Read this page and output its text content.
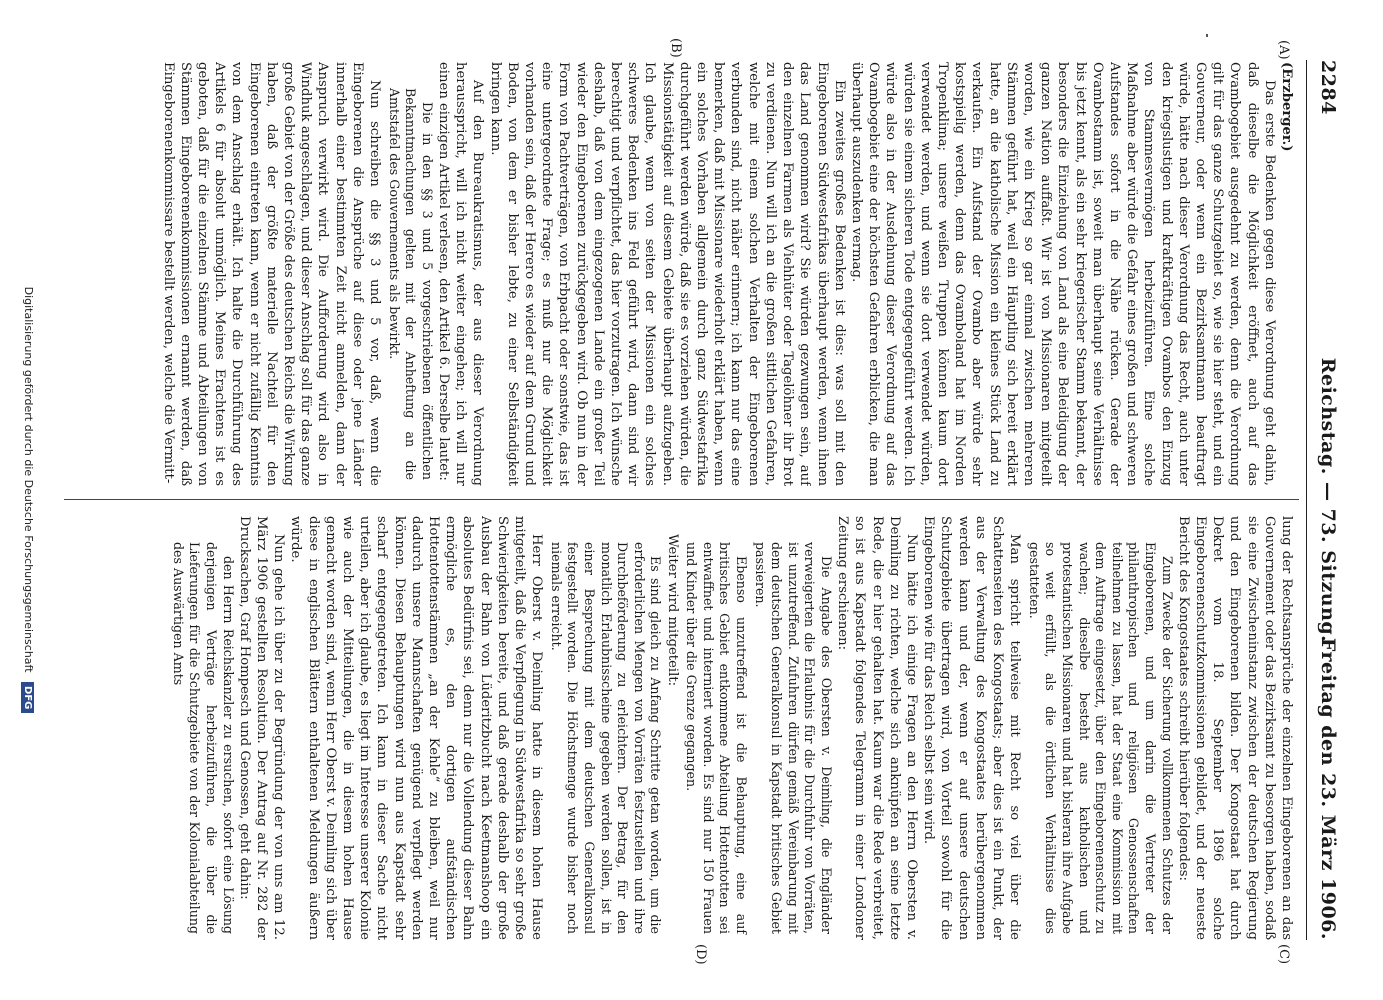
2284
Reichstag. — 73. Sitzung.
Freitag den 23. März 1906.
(A)
(B)
(C)
(D)

(Erzberger.)

Das erste Bedenken gegen diese Verordnung geht dahin, daß dieselbe die Möglichkeit eröffnet, auch auf das Ovambogebiet ausgedehnt zu werden, denn die Verordnung gilt für das ganze Schutzgebiet so, wie sie hier steht, und ein Gouverneur, oder wenn ein Bezirksamtmann beauftragt würde, hätte nach dieser Verordnung das Recht, auch unter den kriegslustigen und kraftkräftigen Ovambos den Einzug von Stammesvermögen herbeizuführen. Eine solche Maßnahme aber würde die Gefahr eines großen und schweren Aufstandes sofort in die Nähe rücken. Gerade der Ovambostamm ist, soweit man überhaupt seine Verhältnisse bis jetzt kennt, als ein sehr kriegerischer Stamm bekannt, der besonders die Einziehung von Land als eine Beleidigung der ganzen Nation auffaßt. Wir ist von Missionaren mitgeteilt worden, wie ein Krieg so gar einmal zwischen mehreren Stämmen geführt hat, weil ein Häuptling sich bereit erklärt hatte, an die katholische Mission ein kleines Stück Land zu verkaufen. Ein Aufstand der Ovambo aber würde sehr kostspielig werden, denn das Ovamboland hat im Norden Tropenklima; unsere weißen Truppen können kaum dort verwendet werden, und wenn sie dort verwendet würden, würden sie einem sicheren Tode entgegengeführt werden. Ich würde also in der Ausdehnung dieser Verordnung auf das Ovambogebiet eine der höchsten Gefahren erblicken, die man überhaupt auszudenken vermag.

Ein zweites großes Bedenken ist dies: was soll mit den Eingeborenen Südwestafrikas überhaupt werden, wenn ihnen das Land genommen wird? Sie würden gezwungen sein, auf den einzelnen Farmen als Viehhüter oder Tagelöhner ihr Brot zu verdienen. Nun will ich an die großen sittlichen Gefahren, welche mit einem solchen Verhalten der Eingeborenen verbunden sind, nicht näher erinnern; ich kann nur das eine bemerken, daß mit Missionare wiederholt erklärt haben, wenn ein solches Vorhaben allgemein durch ganz Südwestafrika durchgeführt werden würde, daß sie es vorziehen würden, die Missionstätigkeit auf diesem Gebiete überhaupt aufzugeben. Ich glaube, wenn von seiten der Missionen ein solches schweres Bedenken ins Feld geführt wird, dann sind wir berechtigt und verpflichtet, das hier vorzutragen. Ich wünsche deshalb, daß von dem eingezogenen Lande ein großer Teil wieder den Eingeborenen zurückgegeben wird. Ob nun in der Form von Pachtverträgen, von Erbpacht oder sonstwie, das ist eine untergeordnete Frage; es muß nur die Möglichkeit vorhanden sein, daß der Herero es wieder auf dem Grund und Boden, von dem er bisher lebte, zu einer Selbständigkeit bringen kann.

Auf den Bureaukratismus, der aus dieser Verordnung herausspricht, will ich nicht weiter eingehen; ich will nur einen einzigen Artikel verlesen, den Artikel 6. Derselbe lautet:

Die in den §§ 3 und 5 vorgeschriebenen öffentlichen Bekanntmachungen gelten mit der Anheftung an die Amtstafel des Gouvernements als bewirkt.

Nun schreiben die §§ 3 und 5 vor, daß, wenn die Eingeborenen die Ansprüche auf diese oder jene Länder innerhalb einer bestimmten Zeit nicht anmelden, dann der Anspruch verwirkt wird. Die Aufforderung wird also in Windhuk angeschlagen, und dieser Anschlag soll für das ganze große Gebiet von der Größe des deutschen Reichs die Wirkung haben, daß der größte materielle Nachteil für den Eingeborenen eintreten kann, wenn er nicht zufällig Kenntnis von dem Anschlag erhält. Ich halte die Durchführung des Artikels 6 für absolut unmöglich. Meines Erachtens ist es geboten, daß für die einzelnen Stämme und Abteilungen von Stämmen Eingeborenenkommissionen ernannt werden, daß Eingeborenenkommissare bestellt werden, welche die Vermitt-

lung der Rechtsansprüche der einzelnen Eingeborenen an das Gouvernement oder das Bezirksamt zu besorgen haben, sodaß sie eine Zwischeninstanz zwischen der deutschen Regierung und den Eingeborenen bilden. Der Kongostaat hat durch Dekret vom 18. September 1896 solche Eingeborenenschutzkommissionen gebildet, und der neueste Bericht des Kongostaates schreibt hierüber folgendes:

Zum Zwecke der Sicherung vollkommenen Schutzes der Eingeborenen, und um darin die Vertreter der philanthropischen und religiösen Genossenschaften teilnehmen zu lassen, hat der Staat eine Kommission mit dem Auftrage eingesetzt, über den Eingeborenenschutz zu wachen; dieselbe besteht aus katholischen und protestantischen Missionaren und hat bisheran ihre Aufgabe so weit erfüllt, als die örtlichen Verhältnisse dies gestatteten.

Man spricht teilweise mit Recht so viel über die Schattenseiten des Kongostaats; aber dies ist ein Punkt, der aus der Verwaltung des Kongostaates herübergenommen werden kann und der, wenn er auf unsere deutschen Schutzgebiete übertragen wird, von Vorteil sowohl für die Eingeborenen wie für das Reich selbst sein wird.

Nun hätte ich einige Fragen an den Herrn Obersten v. Deimling zu richten, welche sich anknüpfen an seine letzte Rede, die er hier gehalten hat. Kaum war die Rede verbreitet, so ist aus Kapstadt folgendes Telegramm in einer Londoner Zeitung erschienen:

Die Angabe des Obersten v. Deimling, die Engländer verweigerten die Erlaubnis für die Durchfuhr von Vorräten, ist unzutreffend. Zufuhren dürfen gemäß Vereinbarung mit dem deutschen Generalkonsul in Kapstadt britisches Gebiet passieren.

Ebenso unzutreffend ist die Behauptung, eine auf britisches Gebiet entkommene Abteilung Hottentotten sei entwaffnet und interniert worden. Es sind nur 150 Frauen und Kinder über die Grenze gegangen.

Weiter wird mitgeteilt:

Es sind gleich zu Anfang Schritte getan worden, um die erforderlichen Mengen von Vorräten festzustellen und ihre Durchbeförderung zu erleichtern. Der Betrag, für den monatlich Erlaubnisscheine gegeben werden sollen, ist in einer Besprechung mit dem deutschen Generalkonsul festgestellt worden. Die Höchstmenge wurde bisher noch niemals erreicht.

Herr Oberst v. Deimling hatte in diesem hohen Hause mitgeteilt, daß die Verpflegung in Südwestafrika so sehr große Schwierigkeiten bereite, und daß gerade deshalb der große Ausbau der Bahn von Lüderitzbucht nach Keetmanshoop ein absolutes Bedürfnis sei, denn nur die Vollendung dieser Bahn ermögliche es, den dortigen aufständischen Hottentottenstämmen „an der Kehle“ zu bleiben, weil nur dadurch unsere Mannschaften genügend verpflegt werden können. Diesen Behauptungen wird nun aus Kapstadt sehr scharf entgegengetreten. Ich kann in dieser Sache nicht urteilen, aber ich glaube, es liegt im Interesse unserer Kolonie wie auch der Mitteilungen, die in diesem hohen Hause gemacht worden sind, wenn Herr Oberst v. Deimling sich über diese in englischen Blättern enthaltenen Meldungen äußern würde.

Nun gehe ich über zu der Begründung der von uns am 12. März 1906 gestellten Resolution. Der Antrag auf Nr. 282 der Drucksachen, Graf Hompesch und Genossen, geht dahin:

den Herrn Reichskanzler zu ersuchen, sofort eine Lösung derjenigen Verträge herbeizuführen, die über die Lieferungen für die Schutzgebiete von der Kolonialabteilung des Auswärtigen Amts

Digitalisierung gefördert durch die Deutsche Forschungsgemeinschaft DFG
